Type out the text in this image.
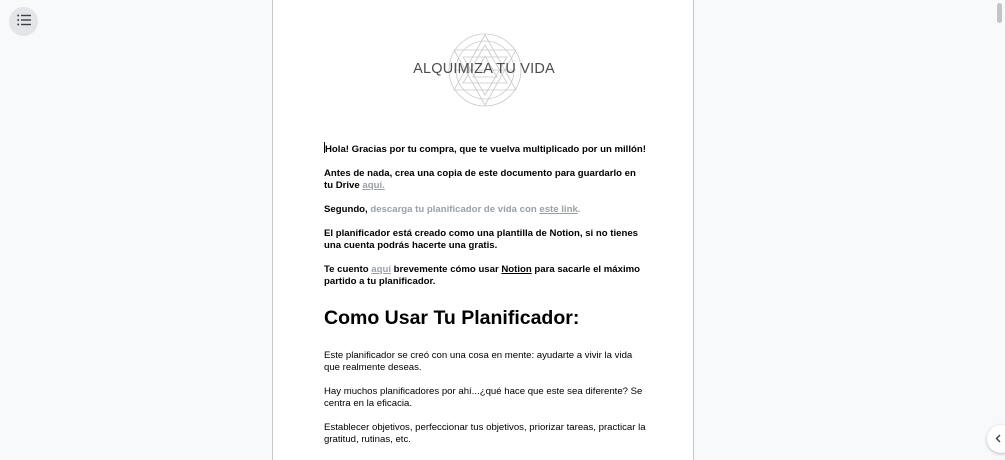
ALQUIMIZA TU VIDA

Hola! Gracias por tu compra, que te vuelva multiplicado por un millón!

Antes de nada, crea una copia de este documento para guardarlo en tu Drive aquí.

Segundo, descarga tu planificador de vida con este link.

El planificador está creado como una plantilla de Notion, si no tienes una cuenta podrás hacerte una gratis.

Te cuento aquí brevemente cómo usar Notion para sacarle el máximo partido a tu planificador.

Como Usar Tu Planificador:

Este planificador se creó con una cosa en mente: ayudarte a vivir la vida que realmente deseas.

Hay muchos planificadores por ahí...¿qué hace que este sea diferente? Se centra en la eficacia.

Establecer objetivos, perfeccionar tus objetivos, priorizar tareas, practicar la gratitud, rutinas, etc.
